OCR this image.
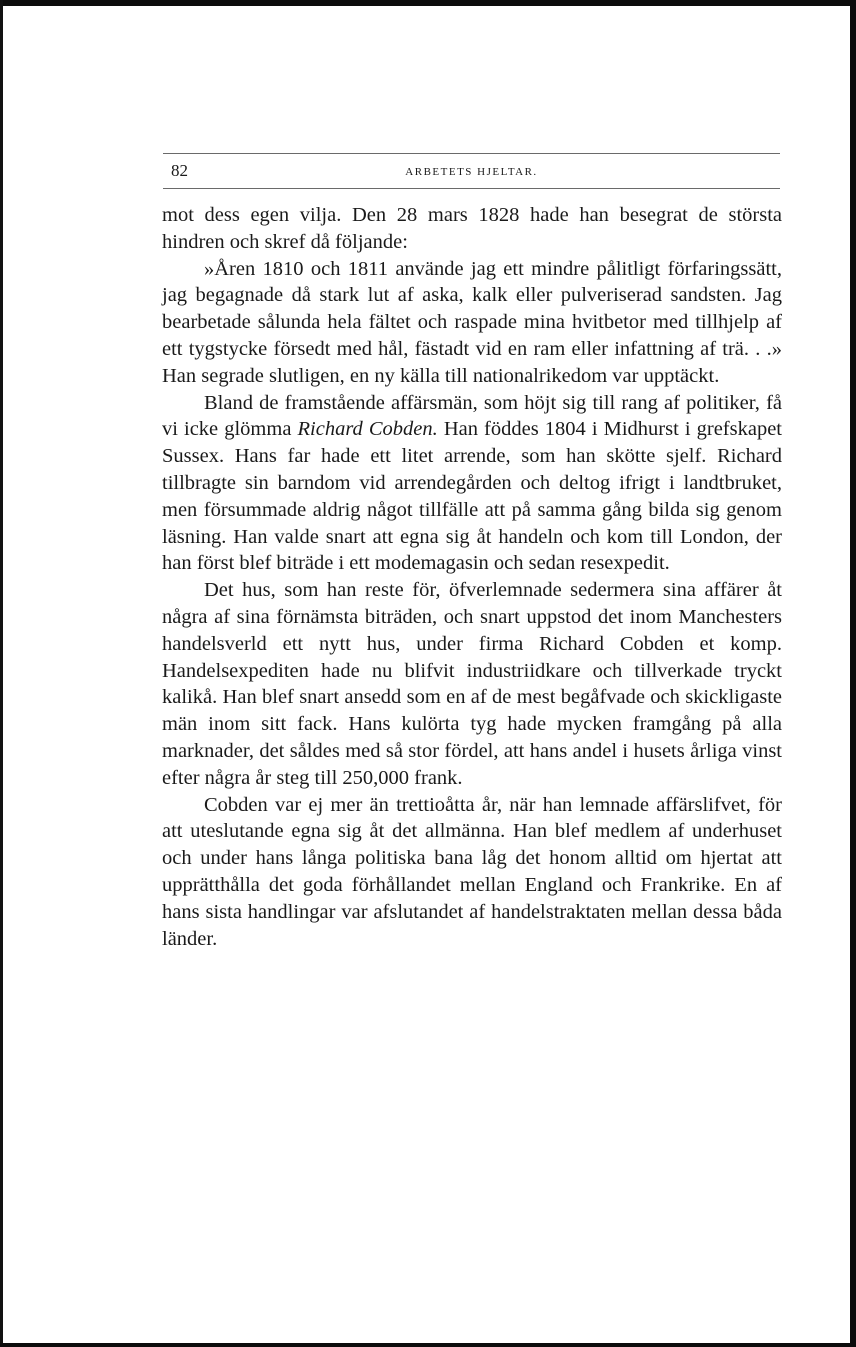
82	ARBETETS HJELTAR.

mot dess egen vilja. Den 28 mars 1828 hade han besegrat de största hindren och skref då följande:

»Åren 1810 och 1811 använde jag ett mindre pålitligt förfaringssätt, jag begagnade då stark lut af aska, kalk eller pulveriserad sandsten. Jag bearbetade sålunda hela fältet och raspade mina hvitbetor med tillhjelp af ett tygstycke försedt med hål, fästadt vid en ram eller infattning af trä. . .» Han segrade slutligen, en ny källa till nationalrikedom var upptäckt.

Bland de framstående affärsmän, som höjt sig till rang af politiker, få vi icke glömma Richard Cobden. Han föddes 1804 i Midhurst i grefskapet Sussex. Hans far hade ett litet arrende, som han skötte sjelf. Richard tillbragte sin barndom vid arrendegården och deltog ifrigt i landtbruket, men försummade aldrig något tillfälle att på samma gång bilda sig genom läsning. Han valde snart att egna sig åt handeln och kom till London, der han först blef biträde i ett modemagasin och sedan resexpedit.

Det hus, som han reste för, öfverlemnade sedermera sina affärer åt några af sina förnämsta biträden, och snart uppstod det inom Manchesters handelsverld ett nytt hus, under firma Richard Cobden et komp. Handelsexpediten hade nu blifvit industriidkare och tillverkade tryckt kalikå. Han blef snart ansedd som en af de mest begåfvade och skickligaste män inom sitt fack. Hans kulörta tyg hade mycken framgång på alla marknader, det såldes med så stor fördel, att hans andel i husets årliga vinst efter några år steg till 250,000 frank.

Cobden var ej mer än trettioåtta år, när han lemnade affärslifvet, för att uteslutande egna sig åt det allmänna. Han blef medlem af underhuset och under hans långa politiska bana låg det honom alltid om hjertat att upprätthålla det goda förhållandet mellan England och Frankrike. En af hans sista handlingar var afslutandet af handelstraktaten mellan dessa båda länder.
